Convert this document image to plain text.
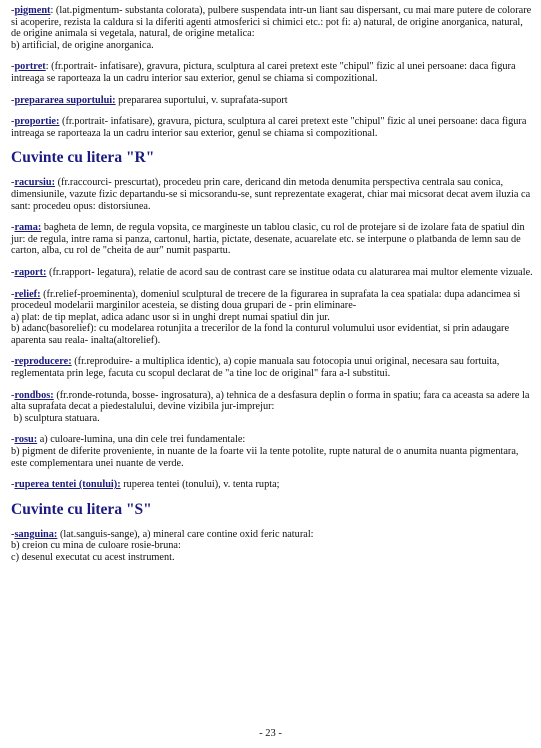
-pigment: (lat.pigmentum- substanta colorata), pulbere suspendata intr-un liant sau dispersant, cu mai mare putere de colorare si acoperire, rezista la caldura si la diferiti agenti atmosferici si chimici etc.: pot fi: a) natural, de origine anorganica, natural, de origine animala si vegetala, natural, de origine metalica:
b) artificial, de origine anorganica.
-portret: (fr.portrait- infatisare), gravura, pictura, sculptura al carei pretext este "chipul" fizic al unei persoane: daca figura intreaga se raporteaza la un cadru interior sau exterior, genul se chiama si compozitional.
-prepararea suportului: prepararea suportului, v. suprafata-suport
-proportie: (fr.portrait- infatisare), gravura, pictura, sculptura al carei pretext este "chipul" fizic al unei persoane: daca figura intreaga se raporteaza la un cadru interior sau exterior, genul se chiama si compozitional.
Cuvinte cu litera "R"
-racursiu: (fr.raccourci- prescurtat), procedeu prin care, dericand din metoda denumita perspectiva centrala sau conica, dimensiunile, vazute fizic departandu-se si micsorandu-se, sunt reprezentate exagerat, chiar mai micsorat decat avem iluzia ca sant: procedeu opus: distorsiunea.
-rama: bagheta de lemn, de regula vopsita, ce margineste un tablou clasic, cu rol de protejare si de izolare fata de spatiul din jur: de regula, intre rama si panza, cartonul, hartia, pictate, desenate, acuarelate etc. se interpune o platbanda de lemn sau de carton, alba, cu rol de "cheita de aur" numit paspartu.
-raport: (fr.rapport- legatura), relatie de acord sau de contrast care se institue odata cu alaturarea mai multor elemente vizuale.
-relief: (fr.relief-proeminenta), domeniul sculptural de trecere de la figurarea in suprafata la cea spatiala: dupa adancimea si procedeul modelarii marginilor acesteia, se disting doua grupari de - prin eliminare-
a) plat: de tip meplat, adica adanc usor si in unghi drept numai spatiul din jur.
b) adanc(basorelief): cu modelarea rotunjita a trecerilor de la fond la conturul volumului usor evidentiat, si prin adaugare aparenta sau reala- inalta(altorelief).
-reproducere: (fr.reproduire- a multiplica identic), a) copie manuala sau fotocopia unui original, necesara sau fortuita, reglementata prin lege, facuta cu scopul declarat de "a tine loc de original" fara a-l substitui.
-rondbos: (fr.ronde-rotunda, bosse- ingrosatura), a) tehnica de a desfasura deplin o forma in spatiu; fara ca aceasta sa adere la alta suprafata decat a piedestalului, devine vizibila jur-imprejur:
b) sculptura statuara.
-rosu: a) culoare-lumina, una din cele trei fundamentale:
b) pigment de diferite proveniente, in nuante de la foarte vii la tente potolite, rupte natural de o anumita nuanta pigmentara, este complementara unei nuante de verde.
-ruperea tentei (tonului): ruperea tentei (tonului), v. tenta rupta;
Cuvinte cu litera "S"
-sanguina: (lat.sanguis-sange), a) mineral care contine oxid feric natural:
b) creion cu mina de culoare rosie-bruna:
c) desenul executat cu acest instrument.
- 23 -
